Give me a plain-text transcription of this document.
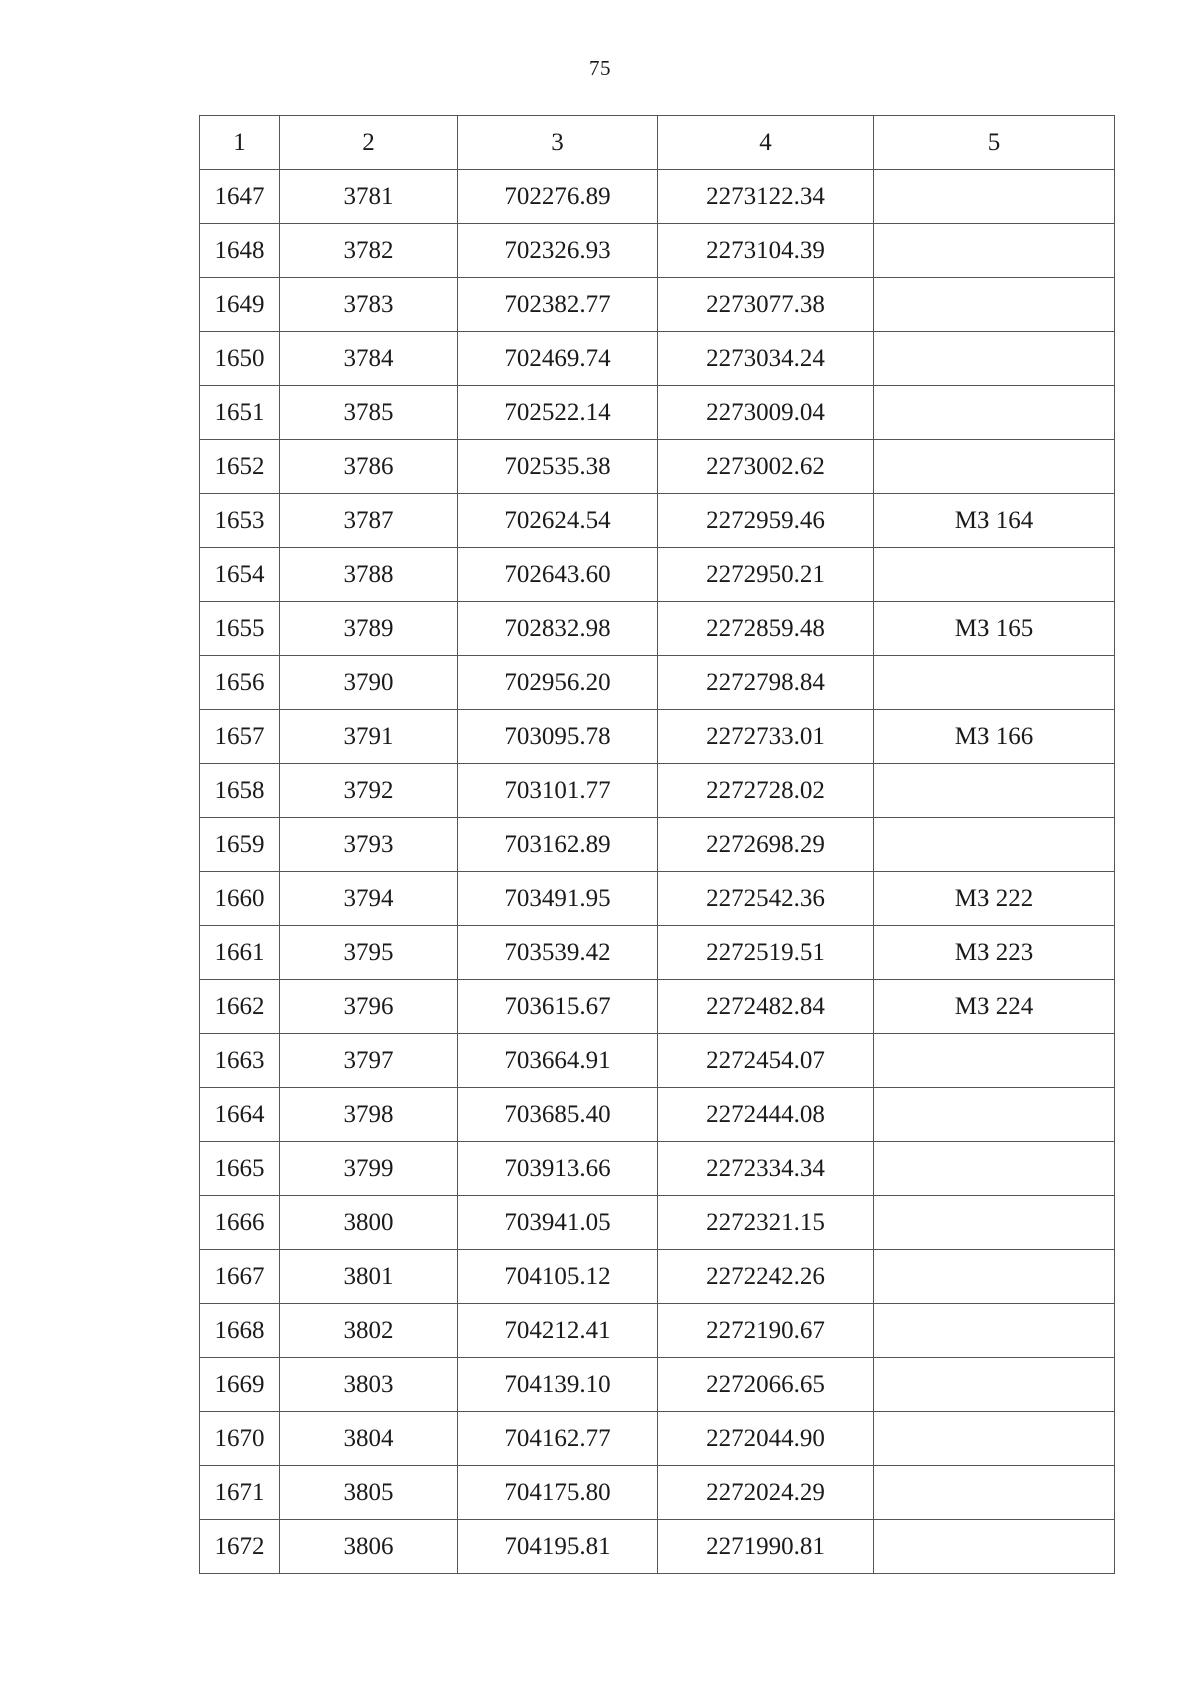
75
1	2	3	4	5
1647	3781	702276.89	2273122.34	
1648	3782	702326.93	2273104.39	
1649	3783	702382.77	2273077.38	
1650	3784	702469.74	2273034.24	
1651	3785	702522.14	2273009.04	
1652	3786	702535.38	2273002.62	
1653	3787	702624.54	2272959.46	МЗ 164
1654	3788	702643.60	2272950.21	
1655	3789	702832.98	2272859.48	МЗ 165
1656	3790	702956.20	2272798.84	
1657	3791	703095.78	2272733.01	МЗ 166
1658	3792	703101.77	2272728.02	
1659	3793	703162.89	2272698.29	
1660	3794	703491.95	2272542.36	МЗ 222
1661	3795	703539.42	2272519.51	МЗ 223
1662	3796	703615.67	2272482.84	МЗ 224
1663	3797	703664.91	2272454.07	
1664	3798	703685.40	2272444.08	
1665	3799	703913.66	2272334.34	
1666	3800	703941.05	2272321.15	
1667	3801	704105.12	2272242.26	
1668	3802	704212.41	2272190.67	
1669	3803	704139.10	2272066.65	
1670	3804	704162.77	2272044.90	
1671	3805	704175.80	2272024.29	
1672	3806	704195.81	2271990.81	
